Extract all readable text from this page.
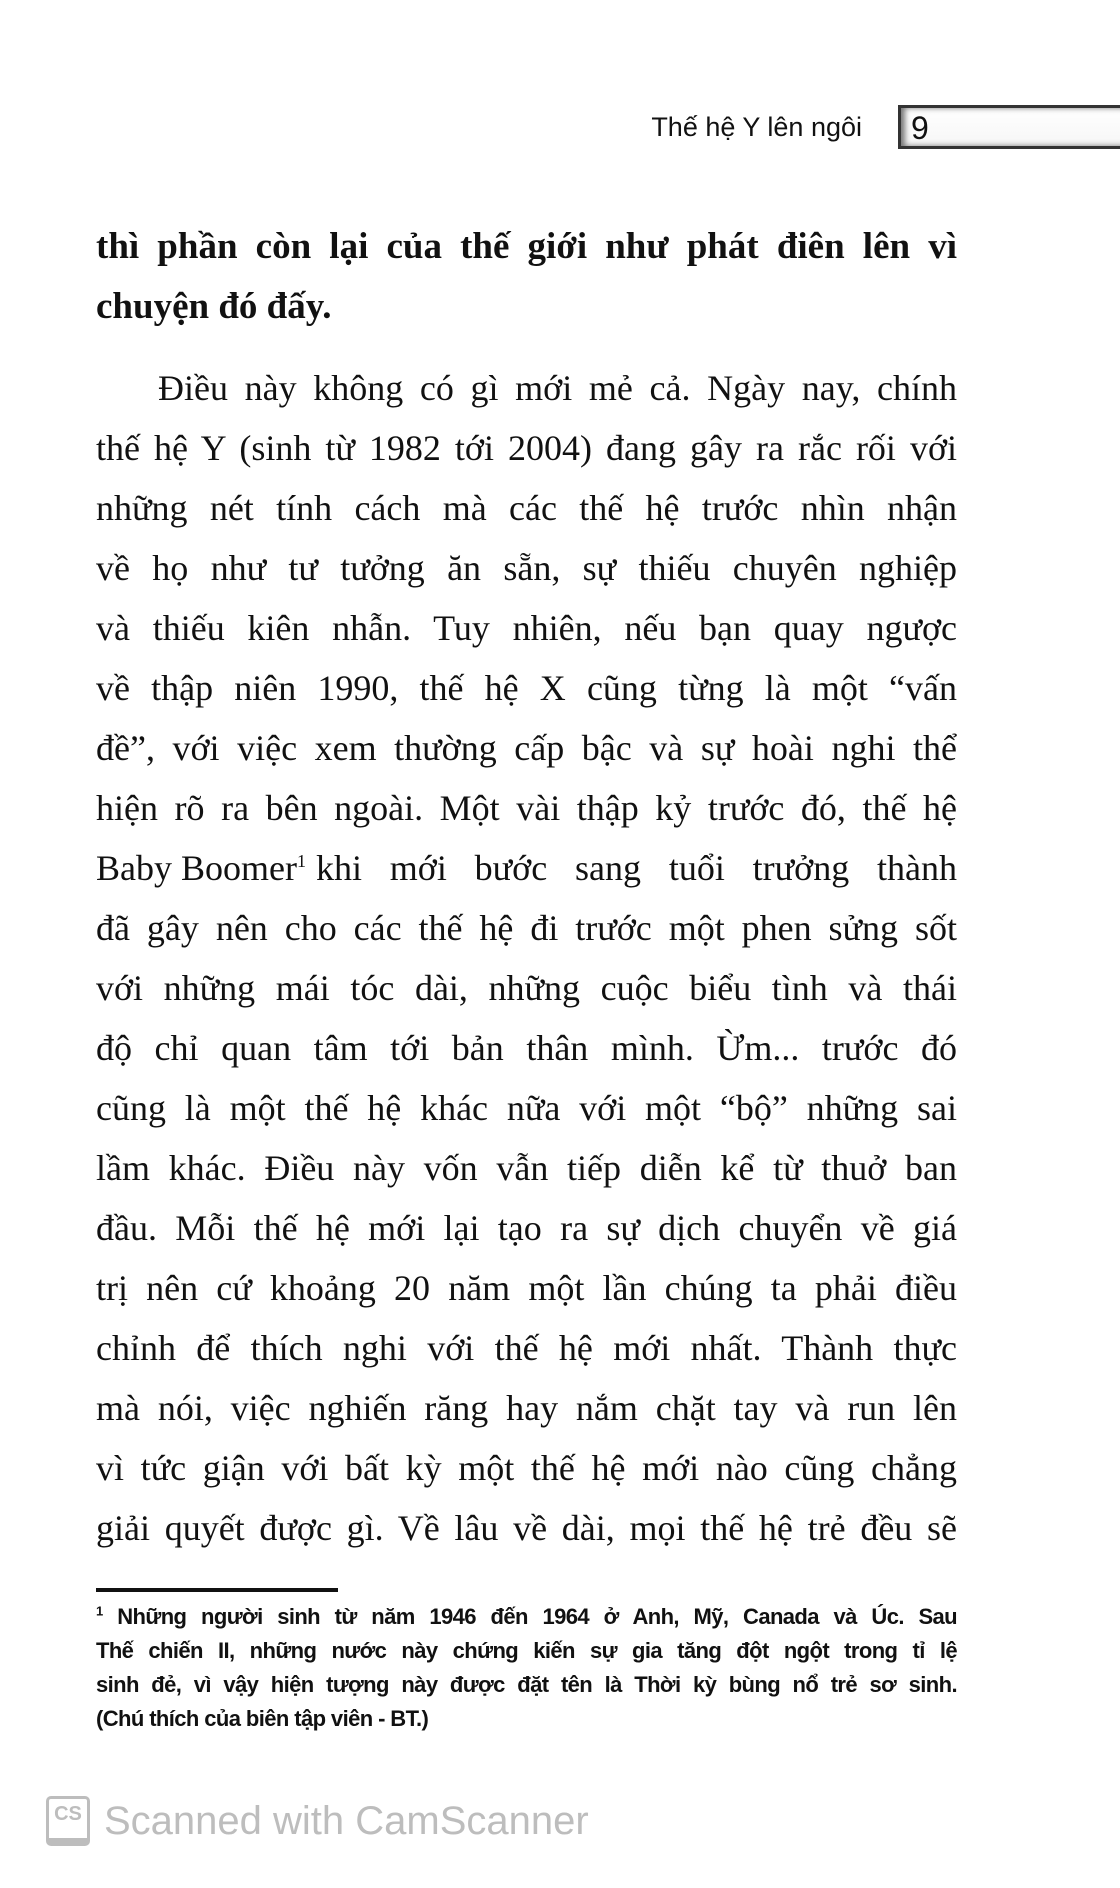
Thế hệ Y lên ngôi 9
thì phần còn lại của thế giới như phát điên lên vì
chuyện đó đấy.
Điều này không có gì mới mẻ cả. Ngày nay, chính
thế hệ Y (sinh từ 1982 tới 2004) đang gây ra rắc rối với
những nét tính cách mà các thế hệ trước nhìn nhận
về họ như tư tưởng ăn sẵn, sự thiếu chuyên nghiệp
và thiếu kiên nhẫn. Tuy nhiên, nếu bạn quay ngược
về thập niên 1990, thế hệ X cũng từng là một “vấn
đề”, với việc xem thường cấp bậc và sự hoài nghi thể
hiện rõ ra bên ngoài. Một vài thập kỷ trước đó, thế hệ
Baby Boomer$^1$ khi mới bước sang tuổi trưởng thành
đã gây nên cho các thế hệ đi trước một phen sửng sốt
với những mái tóc dài, những cuộc biểu tình và thái
độ chỉ quan tâm tới bản thân mình. Ừm... trước đó
cũng là một thế hệ khác nữa với một “bộ” những sai
lầm khác. Điều này vốn vẫn tiếp diễn kể từ thuở ban
đầu. Mỗi thế hệ mới lại tạo ra sự dịch chuyển về giá
trị nên cứ khoảng 20 năm một lần chúng ta phải điều
chỉnh để thích nghi với thế hệ mới nhất. Thành thực
mà nói, việc nghiến răng hay nắm chặt tay và run lên
vì tức giận với bất kỳ một thế hệ mới nào cũng chẳng
giải quyết được gì. Về lâu về dài, mọi thế hệ trẻ đều sẽ
$^1$ Những người sinh từ năm 1946 đến 1964 ở Anh, Mỹ, Canada và Úc. Sau
Thế chiến II, những nước này chứng kiến sự gia tăng đột ngột trong tỉ lệ
sinh đẻ, vì vậy hiện tượng này được đặt tên là Thời kỳ bùng nổ trẻ sơ sinh.
(Chú thích của biên tập viên - BT.)
CS Scanned with CamScanner
